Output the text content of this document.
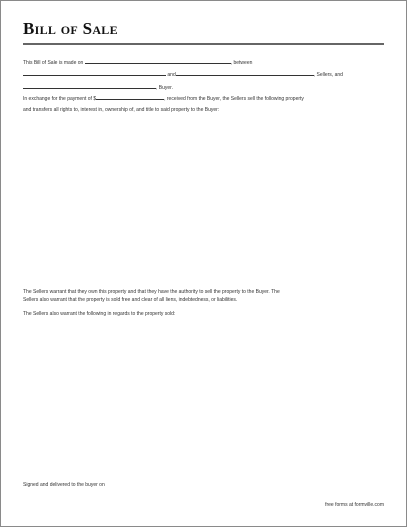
Bill of Sale
This Bill of Sale is made on	, between
and	, Sellers, and
, Buyer.
In exchange for the payment of $	, received from the Buyer, the Sellers sell the following property
and transfers all rights to, interest in, ownership of, and title to said property to the Buyer:
The Sellers warrant that they own this property and that they have the authority to sell the property to the Buyer. The
Sellers also warrant that the property is sold free and clear of all liens, indebtedness, or liabilities.
The Sellers also warrant the following in regards to the property sold:
Signed and delivered to the buyer on
free forms at formville.com
